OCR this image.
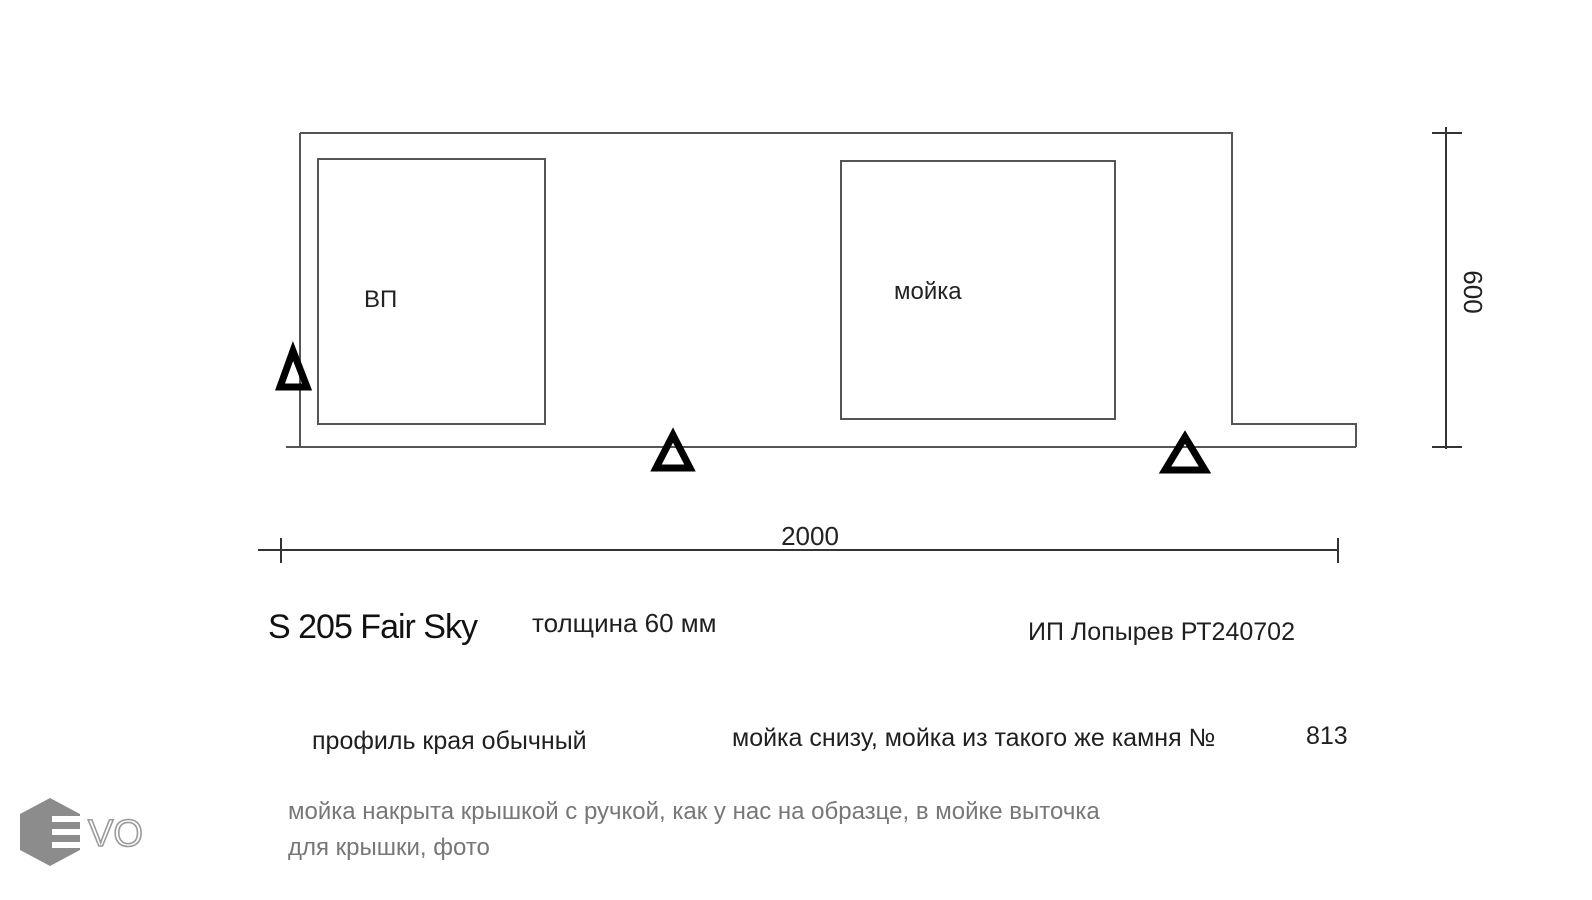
ВП	мойка
2000
600
S 205 Fair Sky толщина 60 мм	ИП Лопырев РТ240702
профиль края обычный	мойка снизу, мойка из такого же камня №	813
мойка накрыта крышкой с ручкой, как у нас на образце, в мойке выточка
для крышки, фото
VO
